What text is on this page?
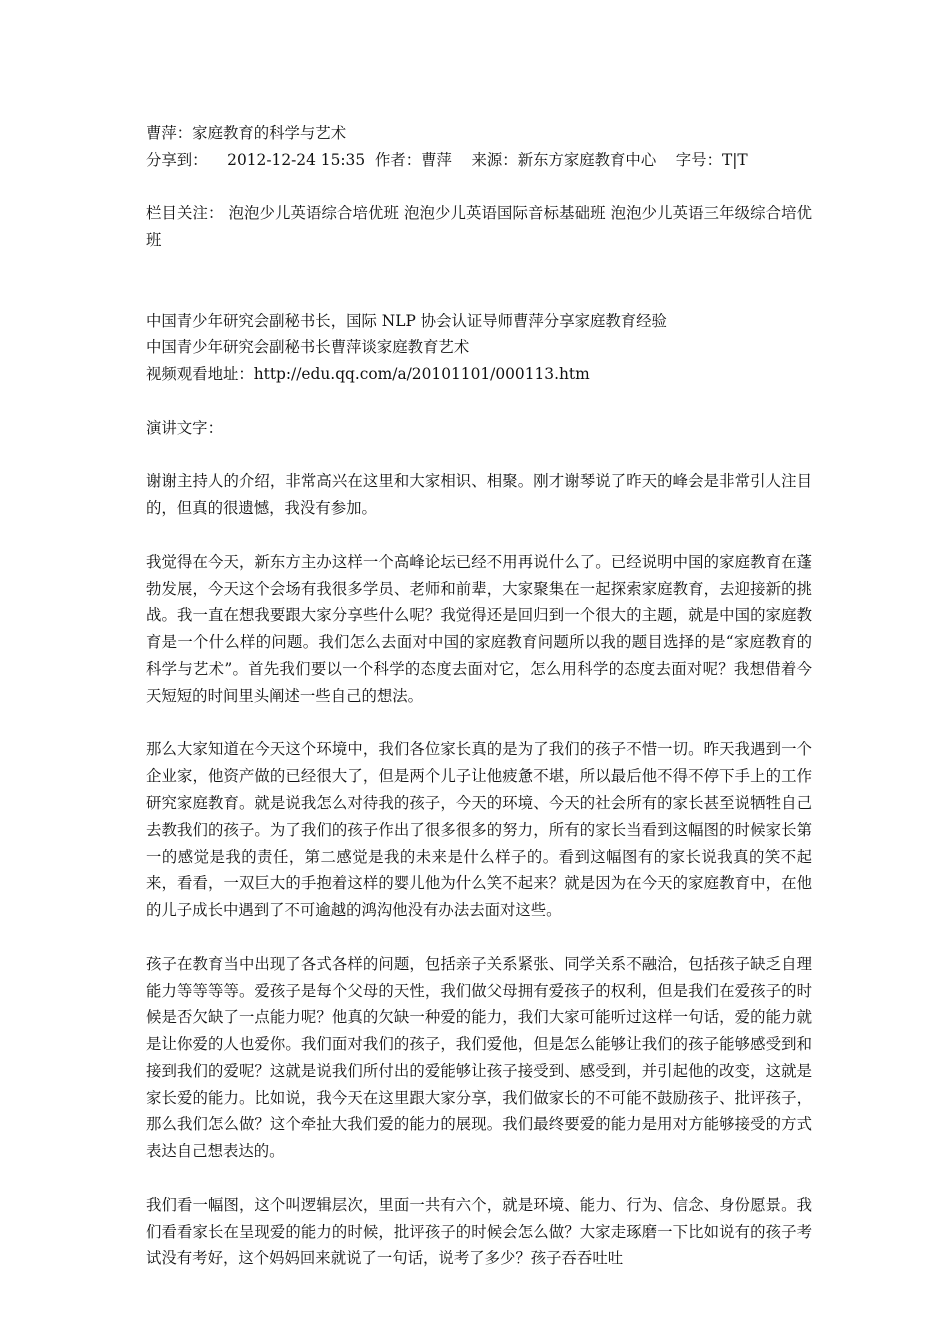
曹萍：家庭教育的科学与艺术

分享到： 2012-12-24 15:35 作者：曹萍 来源：新东方家庭教育中心 字号：T|T

栏目关注： 泡泡少儿英语综合培优班 泡泡少儿英语国际音标基础班 泡泡少儿英语三年级综合培优班

中国青少年研究会副秘书长，国际 NLP 协会认证导师曹萍分享家庭教育经验

中国青少年研究会副秘书长曹萍谈家庭教育艺术

视频观看地址：http://edu.qq.com/a/20101101/000113.htm

演讲文字：

谢谢主持人的介绍，非常高兴在这里和大家相识、相聚。刚才谢琴说了昨天的峰会是非常引人注目的，但真的很遗憾，我没有参加。

我觉得在今天，新东方主办这样一个高峰论坛已经不用再说什么了。已经说明中国的家庭教育在蓬勃发展，今天这个会场有我很多学员、老师和前辈，大家聚集在一起探索家庭教育，去迎接新的挑战。我一直在想我要跟大家分享些什么呢？我觉得还是回归到一个很大的主题，就是中国的家庭教育是一个什么样的问题。我们怎么去面对中国的家庭教育问题所以我的题目选择的是“家庭教育的科学与艺术”。首先我们要以一个科学的态度去面对它，怎么用科学的态度去面对呢？我想借着今天短短的时间里头阐述一些自己的想法。

那么大家知道在今天这个环境中，我们各位家长真的是为了我们的孩子不惜一切。昨天我遇到一个企业家，他资产做的已经很大了，但是两个儿子让他疲惫不堪，所以最后他不得不停下手上的工作研究家庭教育。就是说我怎么对待我的孩子，今天的环境、今天的社会所有的家长甚至说牺牲自己去教我们的孩子。为了我们的孩子作出了很多很多的努力，所有的家长当看到这幅图的时候家长第一的感觉是我的责任，第二感觉是我的未来是什么样子的。看到这幅图有的家长说我真的笑不起来，看看，一双巨大的手抱着这样的婴儿他为什么笑不起来？就是因为在今天的家庭教育中，在他的儿子成长中遇到了不可逾越的鸿沟他没有办法去面对这些。

孩子在教育当中出现了各式各样的问题，包括亲子关系紧张、同学关系不融洽，包括孩子缺乏自理能力等等等等。爱孩子是每个父母的天性，我们做父母拥有爱孩子的权利，但是我们在爱孩子的时候是否欠缺了一点能力呢？他真的欠缺一种爱的能力，我们大家可能听过这样一句话，爱的能力就是让你爱的人也爱你。我们面对我们的孩子，我们爱他，但是怎么能够让我们的孩子能够感受到和接到我们的爱呢？这就是说我们所付出的爱能够让孩子接受到、感受到，并引起他的改变，这就是家长爱的能力。比如说，我今天在这里跟大家分享，我们做家长的不可能不鼓励孩子、批评孩子，那么我们怎么做？这个牵扯大我们爱的能力的展现。我们最终要爱的能力是用对方能够接受的方式表达自己想表达的。

我们看一幅图，这个叫逻辑层次，里面一共有六个，就是环境、能力、行为、信念、身份愿景。我们看看家长在呈现爱的能力的时候，批评孩子的时候会怎么做？大家走琢磨一下比如说有的孩子考试没有考好，这个妈妈回来就说了一句话，说考了多少？孩子吞吞吐吐
